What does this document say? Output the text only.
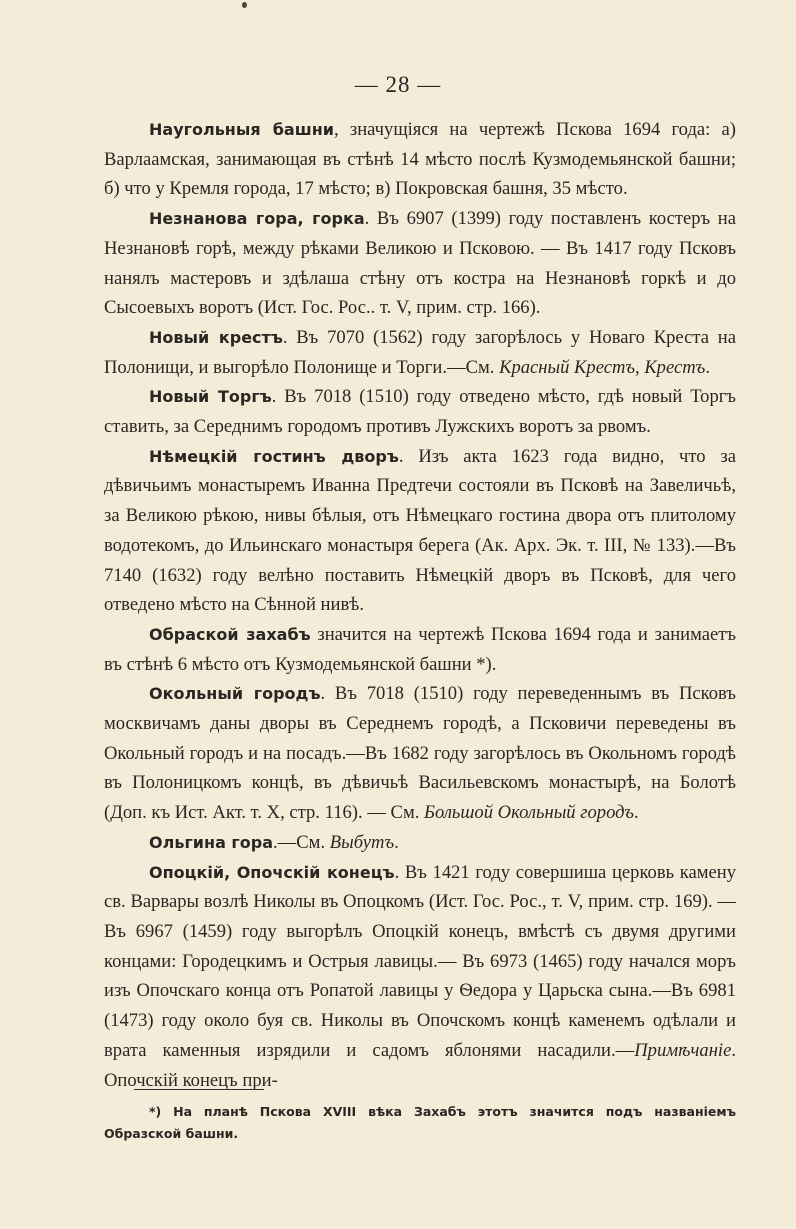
— 28 —

Наугольныя башни, значущіяся на чертежѣ Пскова 1694 года: а) Варлаамская, занимающая въ стѣнѣ 14 мѣсто послѣ Кузмодемьянской башни; б) что у Кремля города, 17 мѣсто; в) Покровская башня, 35 мѣсто.

Незнанова гора, горка. Въ 6907 (1399) году поставленъ костеръ на Незнановѣ горѣ, между рѣками Великою и Псковою. — Въ 1417 году Псковъ нанялъ мастеровъ и здѣлаша стѣну отъ костра на Незнановѣ горкѣ и до Сысоевыхъ воротъ (Ист. Гос. Рос.. т. V, прим. стр. 166).

Новый крестъ. Въ 7070 (1562) году загорѣлось у Новаго Креста на Полонищи, и выгорѣло Полонище и Торги.—См. Красный Крестъ, Крестъ.

Новый Торгъ. Въ 7018 (1510) году отведено мѣсто, гдѣ новый Торгъ ставить, за Середнимъ городомъ противъ Лужскихъ воротъ за рвомъ.

Нѣмецкій гостинъ дворъ. Изъ акта 1623 года видно, что за дѣвичьимъ монастыремъ Иванна Предтечи состояли въ Псковѣ на Завеличьѣ, за Великою рѣкою, нивы бѣлыя, отъ Нѣмецкаго гостина двора отъ плитолому водотекомъ, до Ильинскаго монастыря берега (Ак. Арх. Эк. т. III, № 133).—Въ 7140 (1632) году велѣно поставить Нѣмецкій дворъ въ Псковѣ, для чего отведено мѣсто на Сѣнной нивѣ.

Обраской захабъ значится на чертежѣ Пскова 1694 года и занимаетъ въ стѣнѣ 6 мѣсто отъ Кузмодемьянской башни *).

Окольный городъ. Въ 7018 (1510) году переведеннымъ въ Псковъ москвичамъ даны дворы въ Середнемъ городѣ, а Псковичи переведены въ Окольный городъ и на посадъ.—Въ 1682 году загорѣлось въ Окольномъ городѣ въ Полоницкомъ концѣ, въ дѣвичьѣ Васильевскомъ монастырѣ, на Болотѣ (Доп. къ Ист. Акт. т. X, стр. 116). — См. Большой Окольный городъ.

Ольгина гора.—См. Выбутъ.

Опоцкій, Опочскій конецъ. Въ 1421 году совершиша церковь камену св. Варвары возлѣ Николы въ Опоцкомъ (Ист. Гос. Рос., т. V, прим. стр. 169). — Въ 6967 (1459) году выгорѣлъ Опоцкій конецъ, вмѣстѣ съ двумя другими концами: Городецкимъ и Острыя лавицы.— Въ 6973 (1465) году начался моръ изъ Опочскаго конца отъ Ропатой лавицы у Ѳедора у Царьска сына.—Въ 6981 (1473) году около буя св. Николы въ Опочскомъ концѣ каменемъ одѣлали и врата каменныя изрядили и садомъ яблонями насадили.—Примѣчаніе. Опочскій конецъ при-

*) На планѣ Пскова XVIII вѣка Захабъ этотъ значится подъ названіемъ Образской башни.
